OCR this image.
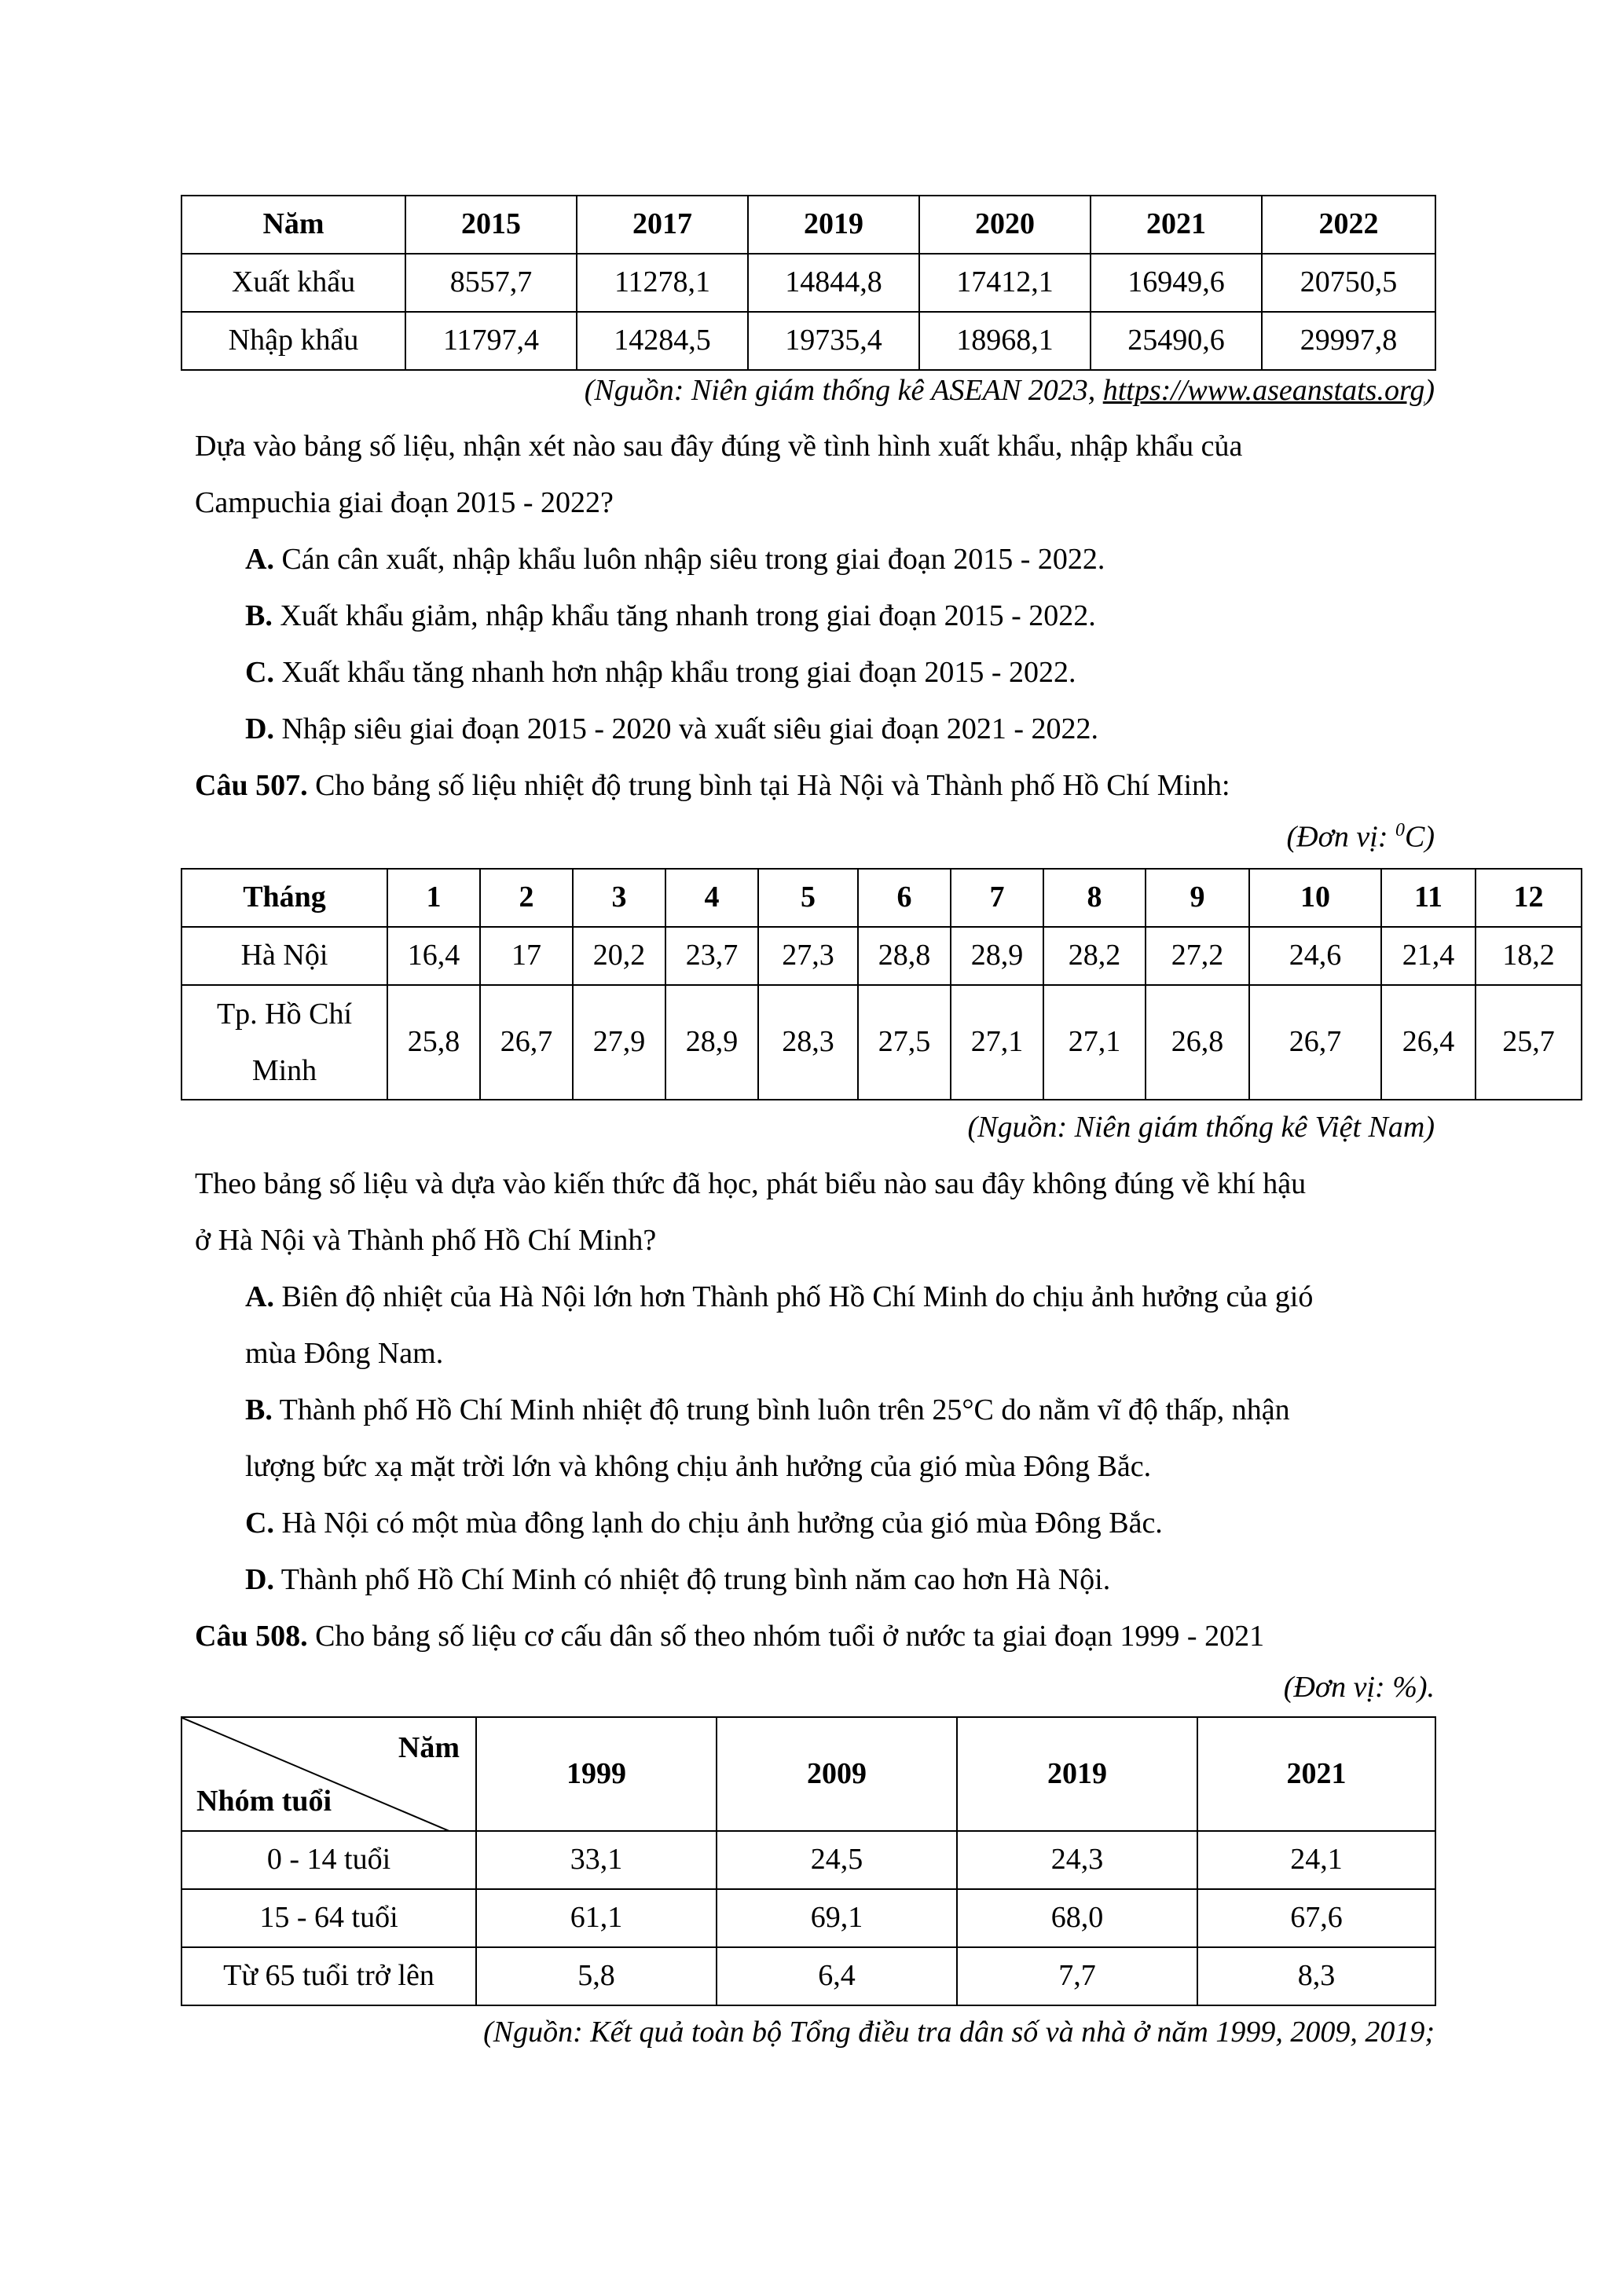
Năm	2015	2017	2019	2020	2021	2022
Xuất khẩu	8557,7	11278,1	14844,8	17412,1	16949,6	20750,5
Nhập khẩu	11797,4	14284,5	19735,4	18968,1	25490,6	29997,8
(Nguồn: Niên giám thống kê ASEAN 2023, https://www.aseanstats.org)
Dựa vào bảng số liệu, nhận xét nào sau đây đúng về tình hình xuất khẩu, nhập khẩu của
Campuchia giai đoạn 2015 - 2022?
A. Cán cân xuất, nhập khẩu luôn nhập siêu trong giai đoạn 2015 - 2022.
B. Xuất khẩu giảm, nhập khẩu tăng nhanh trong giai đoạn 2015 - 2022.
C. Xuất khẩu tăng nhanh hơn nhập khẩu trong giai đoạn 2015 - 2022.
D. Nhập siêu giai đoạn 2015 - 2020 và xuất siêu giai đoạn 2021 - 2022.
Câu 507. Cho bảng số liệu nhiệt độ trung bình tại Hà Nội và Thành phố Hồ Chí Minh:
(Đơn vị: $^0$C)
Tháng	1	2	3	4	5	6	7	8	9	10	11	12
Hà Nội	16,4	17	20,2	23,7	27,3	28,8	28,9	28,2	27,2	24,6	21,4	18,2
Tp. Hồ Chí
Minh	25,8	26,7	27,9	28,9	28,3	27,5	27,1	27,1	26,8	26,7	26,4	25,7
(Nguồn: Niên giám thống kê Việt Nam)
Theo bảng số liệu và dựa vào kiến thức đã học, phát biểu nào sau đây không đúng về khí hậu
ở Hà Nội và Thành phố Hồ Chí Minh?
A. Biên độ nhiệt của Hà Nội lớn hơn Thành phố Hồ Chí Minh do chịu ảnh hưởng của gió
mùa Đông Nam.
B. Thành phố Hồ Chí Minh nhiệt độ trung bình luôn trên 25°C do nằm vĩ độ thấp, nhận
lượng bức xạ mặt trời lớn và không chịu ảnh hưởng của gió mùa Đông Bắc.
C. Hà Nội có một mùa đông lạnh do chịu ảnh hưởng của gió mùa Đông Bắc.
D. Thành phố Hồ Chí Minh có nhiệt độ trung bình năm cao hơn Hà Nội.
Câu 508. Cho bảng số liệu cơ cấu dân số theo nhóm tuổi ở nước ta giai đoạn 1999 - 2021
(Đơn vị: %).
Năm
Nhóm tuổi	1999	2009	2019	2021
0 - 14 tuổi	33,1	24,5	24,3	24,1
15 - 64 tuổi	61,1	69,1	68,0	67,6
Từ 65 tuổi trở lên	5,8	6,4	7,7	8,3
(Nguồn: Kết quả toàn bộ Tổng điều tra dân số và nhà ở năm 1999, 2009, 2019;
